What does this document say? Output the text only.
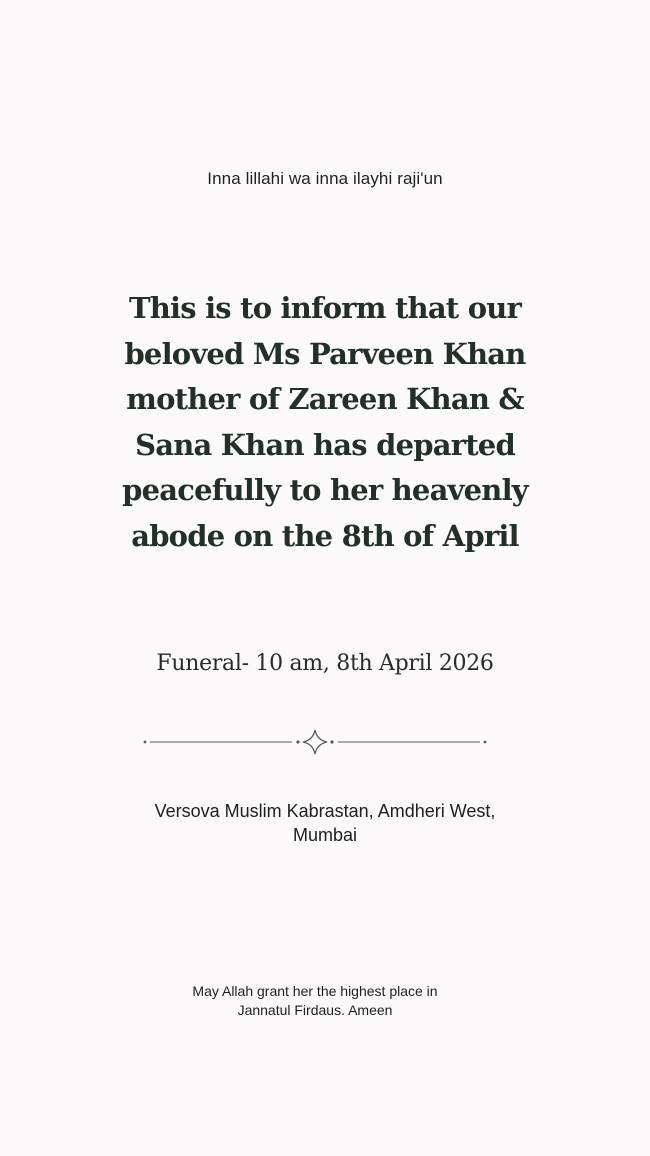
Inna lillahi wa inna ilayhi raji'un
This is to inform that our
beloved Ms Parveen Khan
mother of Zareen Khan &
Sana Khan has departed
peacefully to her heavenly
abode on the 8th of April
Funeral- 10 am, 8th April 2026
Versova Muslim Kabrastan, Amdheri West,
Mumbai
May Allah grant her the highest place in
Jannatul Firdaus. Ameen
